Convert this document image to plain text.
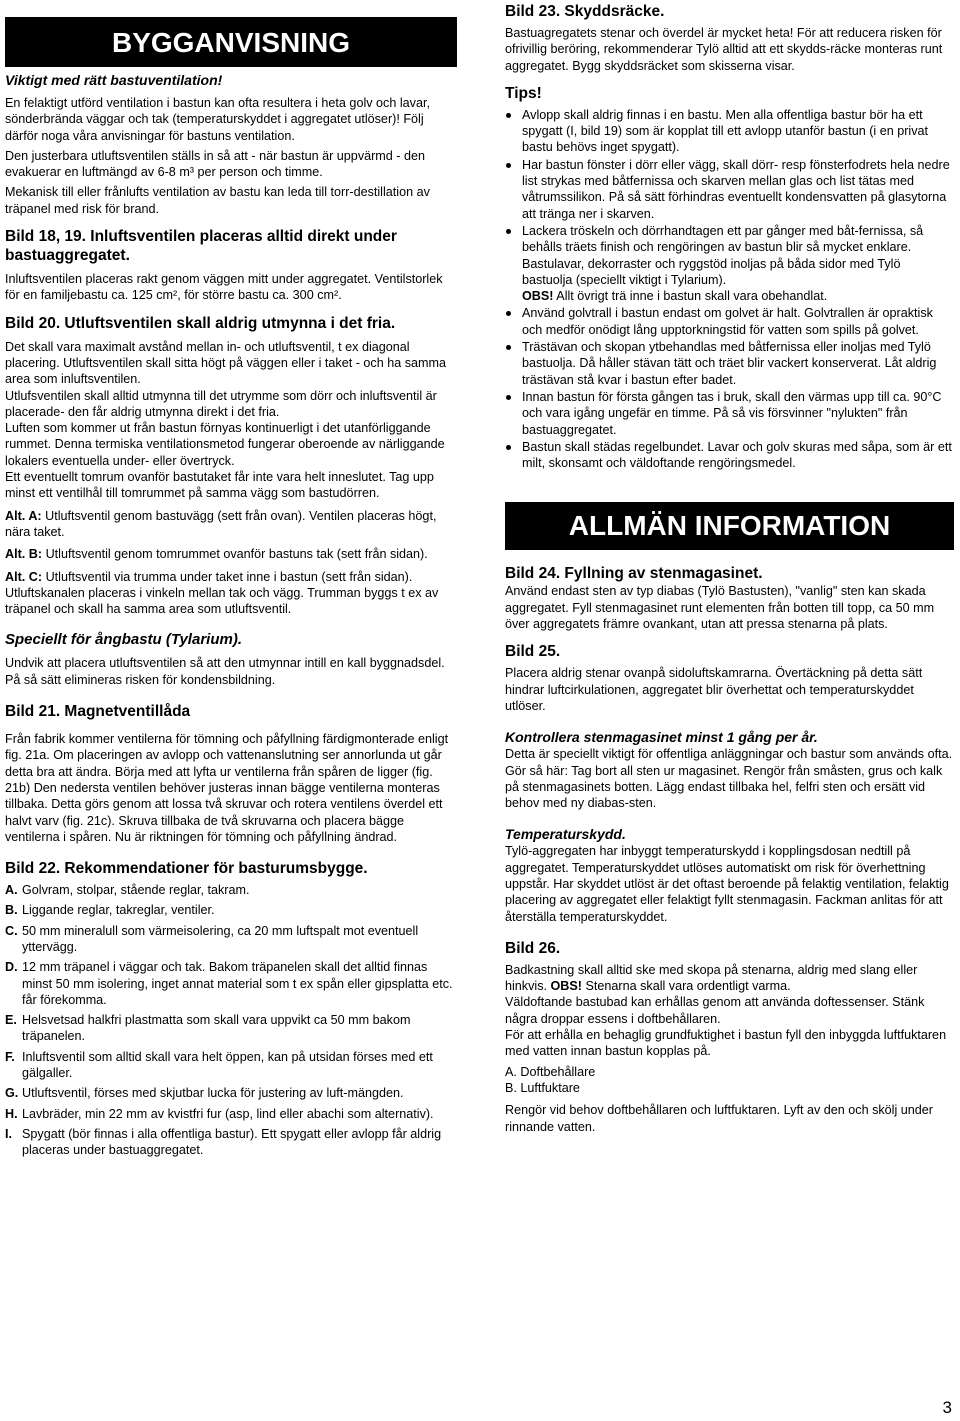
BYGGANVISNING
Viktigt med rätt bastuventilation!

En felaktigt utförd ventilation i bastun kan ofta resultera i heta golv och lavar, sönderbrända väggar och tak (temperaturskyddet i aggregatet utlöser)! Följ därför noga våra anvisningar för bastuns ventilation.

Den justerbara utluftsventilen ställs in så att - när bastun är uppvärmd - den evakuerar en luftmängd av 6-8 m³ per person och timme.

Mekanisk till eller frånlufts ventilation av bastu kan leda till torr-destillation av träpanel med risk för brand.

Bild 18, 19. Inluftsventilen placeras alltid direkt under bastuaggregatet.

Inluftsventilen placeras rakt genom väggen mitt under aggregatet. Ventilstorlek för en familjebastu ca. 125 cm², för större bastu ca. 300 cm².

Bild 20. Utluftsventilen skall aldrig utmynna i det fria.

Det skall vara maximalt avstånd mellan in- och utluftsventil, t ex diagonal placering. Utluftsventilen skall sitta högt på väggen eller i taket - och ha samma area som inluftsventilen.

Utlufsventilen skall alltid utmynna till det utrymme som dörr och inluftsventil är placerade- den får aldrig utmynna direkt i det fria.

Luften som kommer ut från bastun förnyas kontinuerligt i det utanförliggande rummet. Denna termiska ventilationsmetod fungerar oberoende av närliggande lokalers eventuella under- eller övertryck.

Ett eventuellt tomrum ovanför bastutaket får inte vara helt inneslutet. Tag upp minst ett ventilhål till tomrummet på samma vägg som bastudörren.

Alt. A: Utluftsventil genom bastuvägg (sett från ovan). Ventilen placeras högt, nära taket.

Alt. B: Utluftsventil genom tomrummet ovanför bastuns tak (sett från sidan).

Alt. C: Utluftsventil via trumma under taket inne i bastun (sett från sidan). Utluftskanalen placeras i vinkeln mellan tak och vägg. Trumman byggs t ex av träpanel och skall ha samma area som utluftsventil.

Speciellt för ångbastu (Tylarium).

Undvik att placera utluftsventilen så att den utmynnar intill en kall byggnadsdel. På så sätt elimineras risken för kondensbildning.

Bild 21. Magnetventillåda

Från fabrik kommer ventilerna för tömning och påfyllning färdigmonterade enligt fig. 21a. Om placeringen av avlopp och vattenanslutning ser annorlunda ut går detta bra att ändra. Börja med att lyfta ur ventilerna från spåren de ligger (fig. 21b) Den nedersta ventilen behöver justeras innan bägge ventilerna monteras tillbaka. Detta görs genom att lossa två skruvar och rotera ventilens överdel ett halvt varv (fig. 21c). Skruva tillbaka de två skruvarna och placera bägge ventilerna i spåren. Nu är riktningen för tömning och påfyllning ändrad.

Bild 22. Rekommendationer för basturumsbygge.
A. Golvram, stolpar, stående reglar, takram.
B. Liggande reglar, takreglar, ventiler.
C. 50 mm mineralull som värmeisolering, ca 20 mm luftspalt mot eventuell yttervägg.
D. 12 mm träpanel i väggar och tak. Bakom träpanelen skall det alltid finnas minst 50 mm isolering, inget annat material som t ex spån eller gipsplatta etc. får förekomma.
E. Helsvetsad halkfri plastmatta som skall vara uppvikt ca 50 mm bakom träpanelen.
F. Inluftsventil som alltid skall vara helt öppen, kan på utsidan förses med ett gälgaller.
G. Utluftsventil, förses med skjutbar lucka för justering av luft-mängden.
H. Lavbräder, min 22 mm av kvistfri fur (asp, lind eller abachi som alternativ).
I. Spygatt (bör finnas i alla offentliga bastur). Ett spygatt eller avlopp får aldrig placeras under bastuaggregatet.
Bild 23. Skyddsräcke.

Bastuagregatets stenar och överdel är mycket heta! För att reducera risken för ofrivillig beröring, rekommenderar Tylö alltid att ett skydds-räcke monteras runt aggregatet. Bygg skyddsräcket som skisserna visar.

Tips!
Avlopp skall aldrig finnas i en bastu. Men alla offentliga bastur bör ha ett spygatt (I, bild 19) som är kopplat till ett avlopp utanför bastun (i en privat bastu behövs inget spygatt).
Har bastun fönster i dörr eller vägg, skall dörr- resp fönsterfodrets hela nedre list strykas med båtfernissa och skarven mellan glas och list tätas med våtrumssilikon. På så sätt förhindras eventuellt kondensvatten på glasytorna att tränga ner i skarven.
Lackera tröskeln och dörrhandtagen ett par gånger med båt-fernissa, så behålls träets finish och rengöringen av bastun blir så mycket enklare. Bastulavar, dekorraster och ryggstöd inoljas på båda sidor med Tylö bastuolja (speciellt viktigt i Tylarium).
OBS! Allt övrigt trä inne i bastun skall vara obehandlat.
Använd golvtrall i bastun endast om golvet är halt. Golvtrallen är opraktisk och medför onödigt lång upptorkningstid för vatten som spills på golvet.
Trästävan och skopan ytbehandlas med båtfernissa eller inoljas med Tylö bastuolja. Då håller stävan tätt och träet blir vackert konserverat. Låt aldrig trästävan stå kvar i bastun efter badet.
Innan bastun för första gången tas i bruk, skall den värmas upp till ca. 90°C och vara igång ungefär en timme. På så vis försvinner "nylukten" från bastuaggregatet.
Bastun skall städas regelbundet. Lavar och golv skuras med såpa, som är ett milt, skonsamt och väldoftande rengöringsmedel.
ALLMÄN INFORMATION
Bild 24. Fyllning av stenmagasinet.

Använd endast sten av typ diabas (Tylö Bastusten), "vanlig" sten kan skada aggregatet. Fyll stenmagasinet runt elementen från botten till topp, ca 50 mm över aggregatets främre ovankant, utan att pressa stenarna på plats.

Bild 25.

Placera aldrig stenar ovanpå sidoluftskamrarna. Övertäckning på detta sätt hindrar luftcirkulationen, aggregatet blir överhettat och temperaturskyddet utlöser.

Kontrollera stenmagasinet minst 1 gång per år.

Detta är speciellt viktigt för offentliga anläggningar och bastur som används ofta. Gör så här: Tag bort all sten ur magasinet. Rengör från småsten, grus och kalk på stenmagasinets botten. Lägg endast tillbaka hel, felfri sten och ersätt vid behov med ny diabas-sten.

Temperaturskydd.

Tylö-aggregaten har inbyggt temperaturskydd i kopplingsdosan nedtill på aggregatet. Temperaturskyddet utlöses automatiskt om risk för överhettning uppstår. Har skyddet utlöst är det oftast beroende på felaktig ventilation, felaktig placering av aggregatet eller felaktigt fyllt stenmagasin. Fackman anlitas för att återställa temperaturskyddet.

Bild 26.

Badkastning skall alltid ske med skopa på stenarna, aldrig med slang eller hinkvis. OBS! Stenarna skall vara ordentligt varma.

Väldoftande bastubad kan erhållas genom att använda doftessenser. Stänk några droppar essens i doftbehållaren.

För att erhålla en behaglig grundfuktighet i bastun fyll den inbyggda luftfuktaren med vatten innan bastun kopplas på.

A. Doftbehållare

B. Luftfuktare

Rengör vid behov doftbehållaren och luftfuktaren. Lyft av den och skölj under rinnande vatten.

3
